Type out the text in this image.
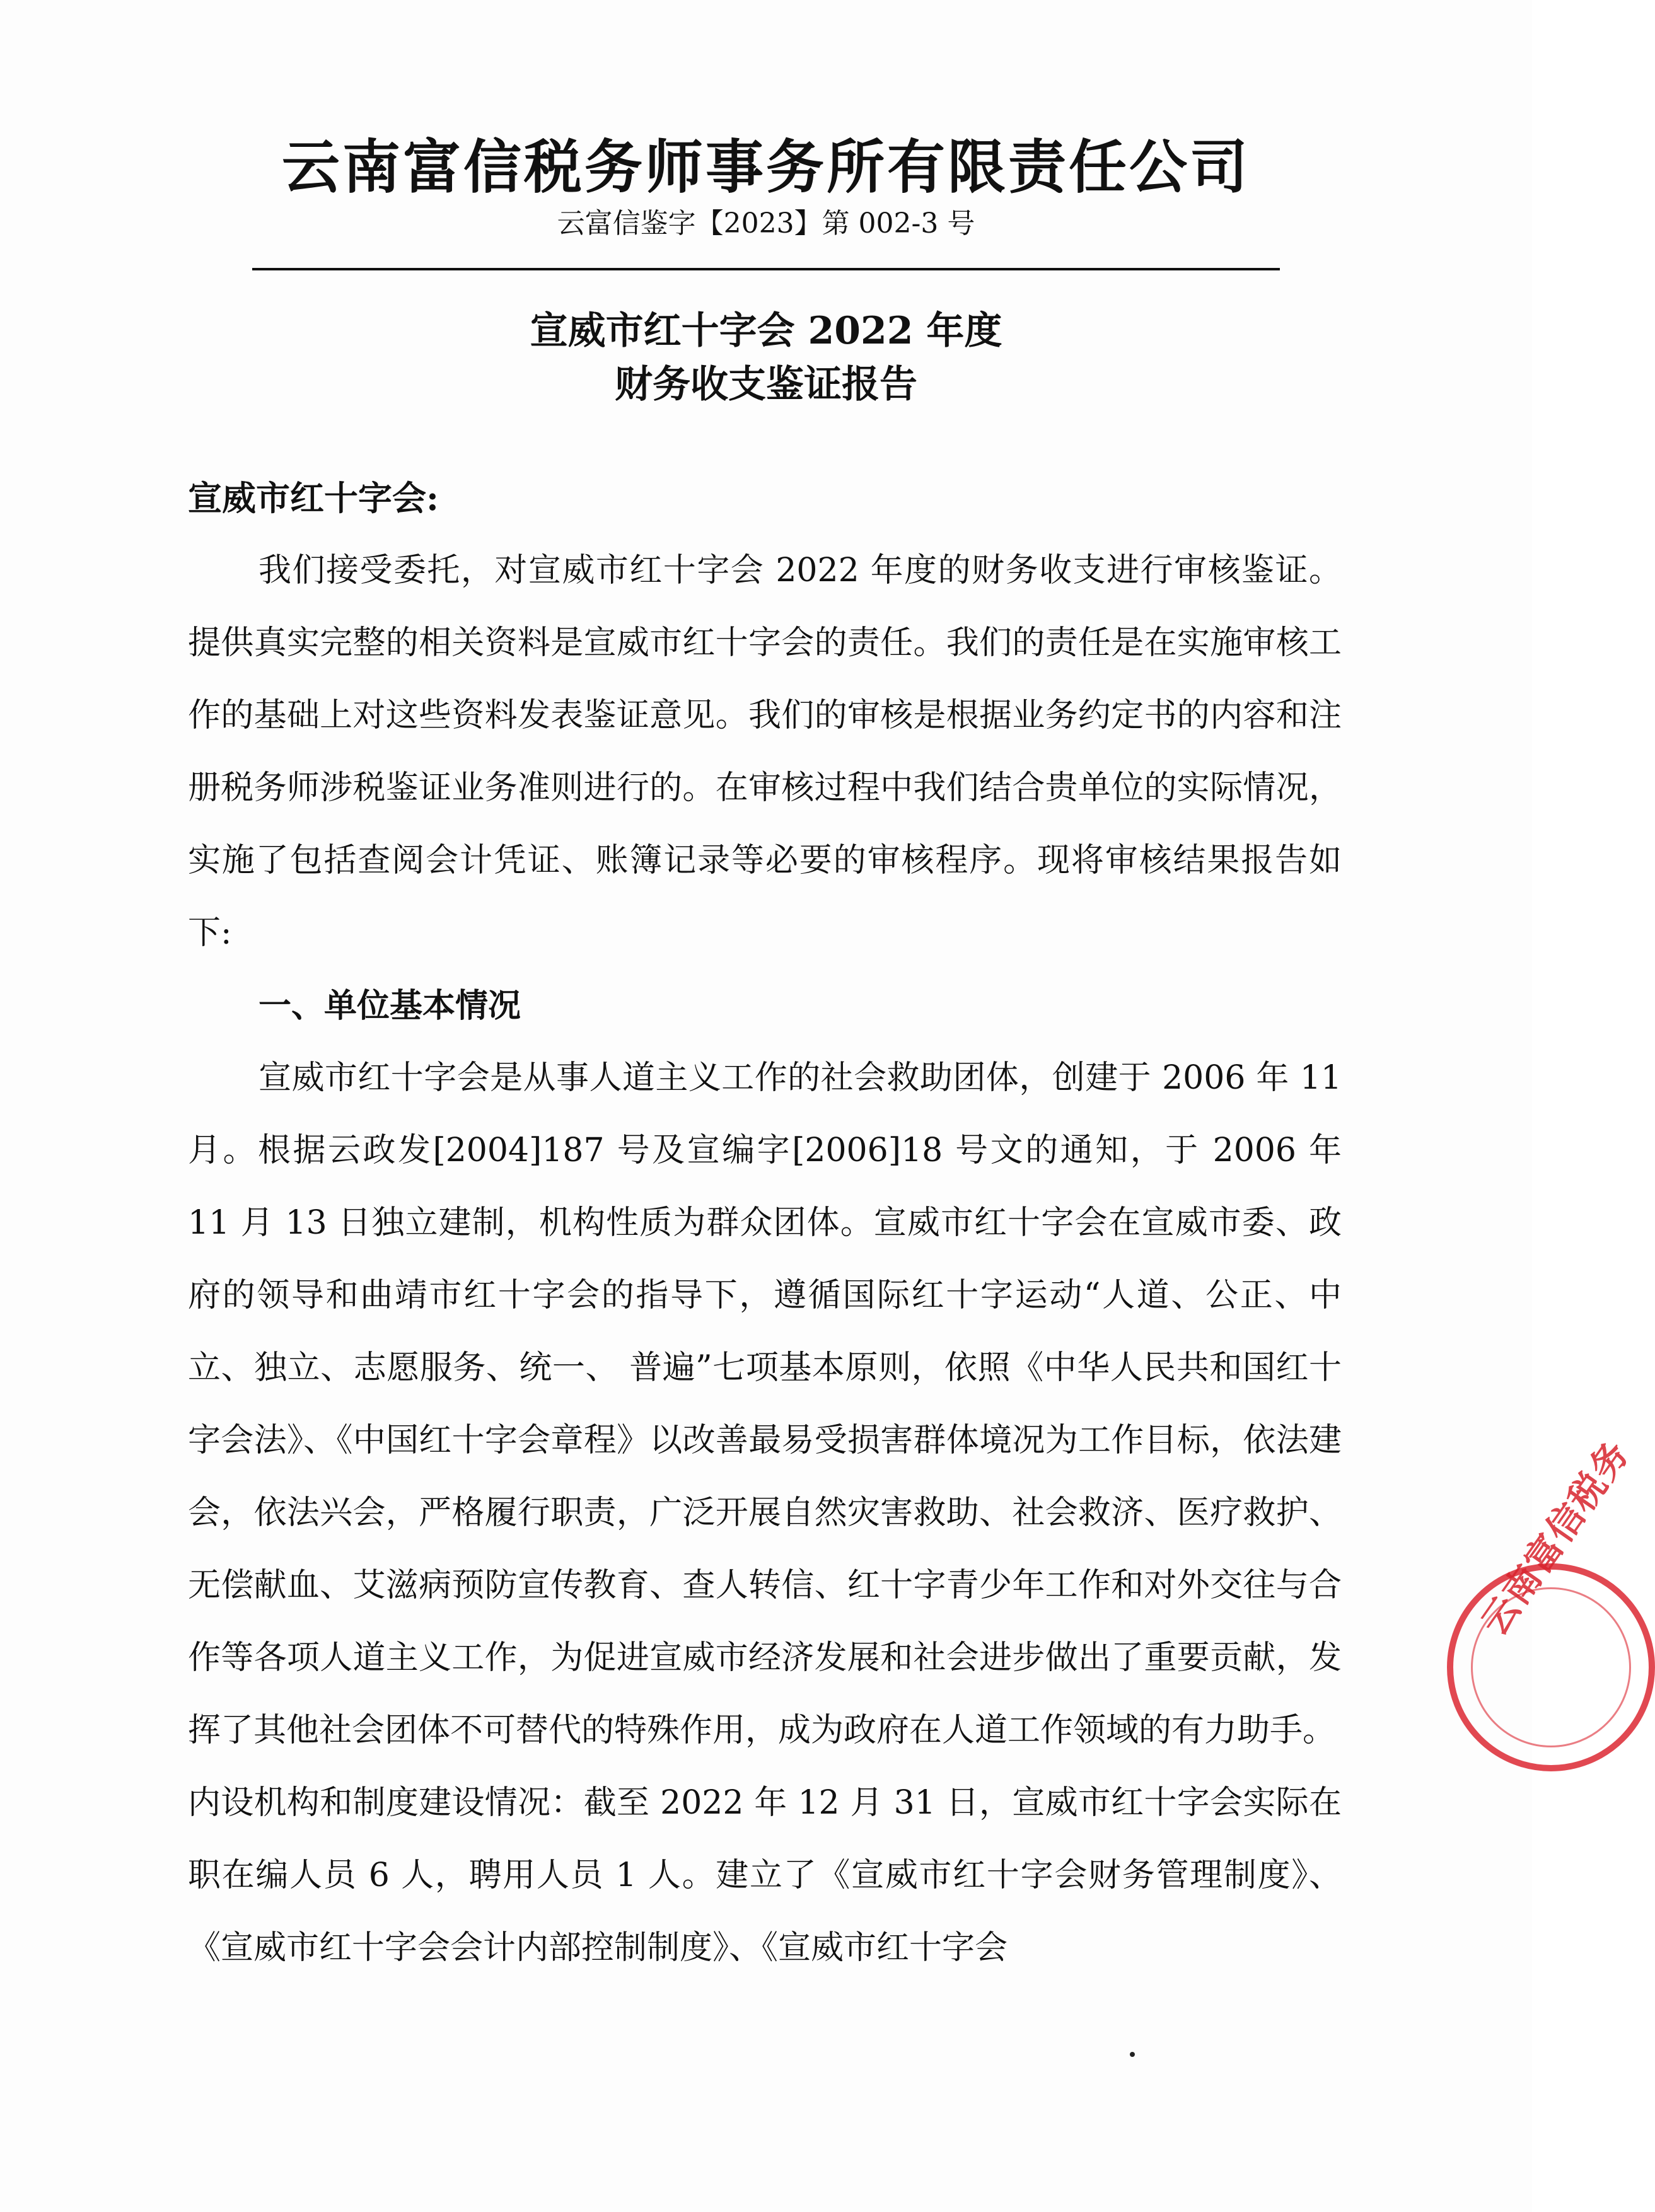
云南富信税务师事务所有限责任公司
云富信鉴字【2023】第 002-3 号
宣威市红十字会 2022 年度
财务收支鉴证报告
宣威市红十字会:

我们接受委托，对宣威市红十字会 2022 年度的财务收支进行审核鉴证。提供真实完整的相关资料是宣威市红十字会的责任。我们的责任是在实施审核工作的基础上对这些资料发表鉴证意见。我们的审核是根据业务约定书的内容和注册税务师涉税鉴证业务准则进行的。在审核过程中我们结合贵单位的实际情况，实施了包括查阅会计凭证、账簿记录等必要的审核程序。现将审核结果报告如下:

一、单位基本情况

宣威市红十字会是从事人道主义工作的社会救助团体，创建于 2006 年 11 月。根据云政发[2004]187 号及宣编字[2006]18 号文的通知，于 2006 年 11 月 13 日独立建制，机构性质为群众团体。宣威市红十字会在宣威市委、政府的领导和曲靖市红十字会的指导下，遵循国际红十字运动“人道、公正、中立、独立、志愿服务、统一、 普遍”七项基本原则，依照《中华人民共和国红十字会法》、《中国红十字会章程》以改善最易受损害群体境况为工作目标，依法建会，依法兴会，严格履行职责，广泛开展自然灾害救助、社会救济、医疗救护、无偿献血、艾滋病预防宣传教育、查人转信、红十字青少年工作和对外交往与合作等各项人道主义工作，为促进宣威市经济发展和社会进步做出了重要贡献，发挥了其他社会团体不可替代的特殊作用，成为政府在人道工作领域的有力助手。

内设机构和制度建设情况：截至 2022 年 12 月 31 日，宣威市红十字会实际在职在编人员 6 人，聘用人员 1 人。建立了《宣威市红十字会财务管理制度》、 《宣威市红十字会会计内部控制制度》、《宣威市红十字会

云南富信税务
